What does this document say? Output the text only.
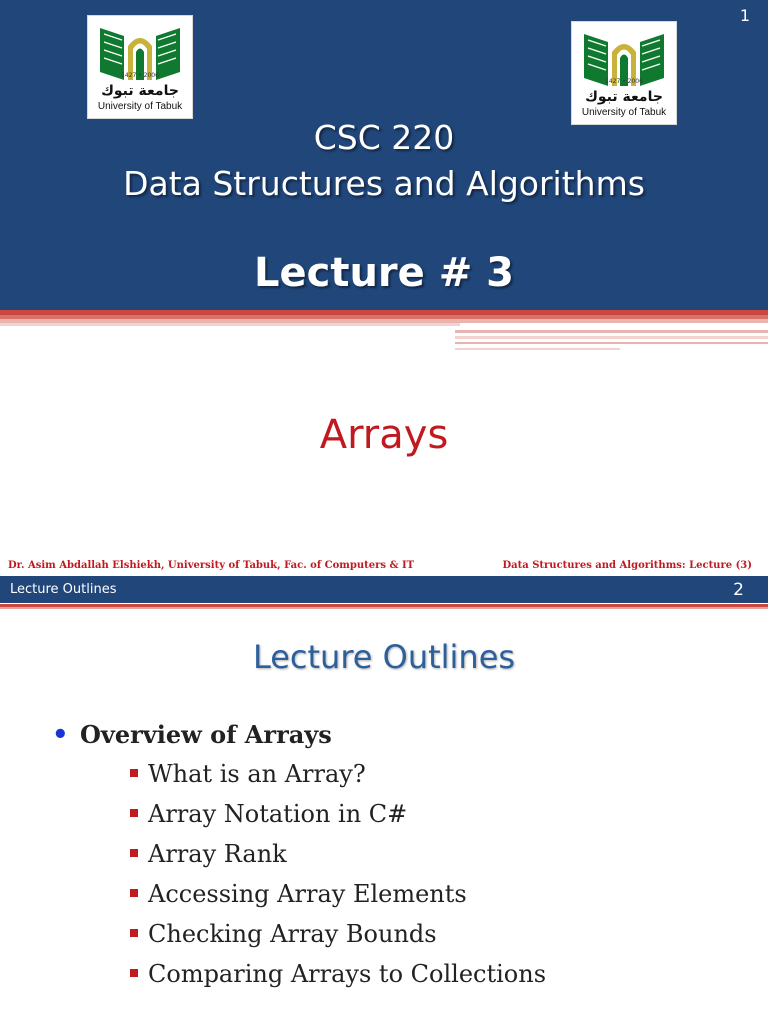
1
1427 • 2006
جامعة تبوك
University of Tabuk
1427 • 2006
جامعة تبوك
University of Tabuk
CSC 220
Data Structures and Algorithms
Lecture # 3
Arrays
Dr. Asim Abdallah Elshiekh, University of Tabuk, Fac. of Computers & IT	Data Structures and Algorithms: Lecture (3)
Lecture Outlines	2
Lecture Outlines
• Overview of Arrays
What is an Array?
Array Notation in C#
Array Rank
Accessing Array Elements
Checking Array Bounds
Comparing Arrays to Collections
